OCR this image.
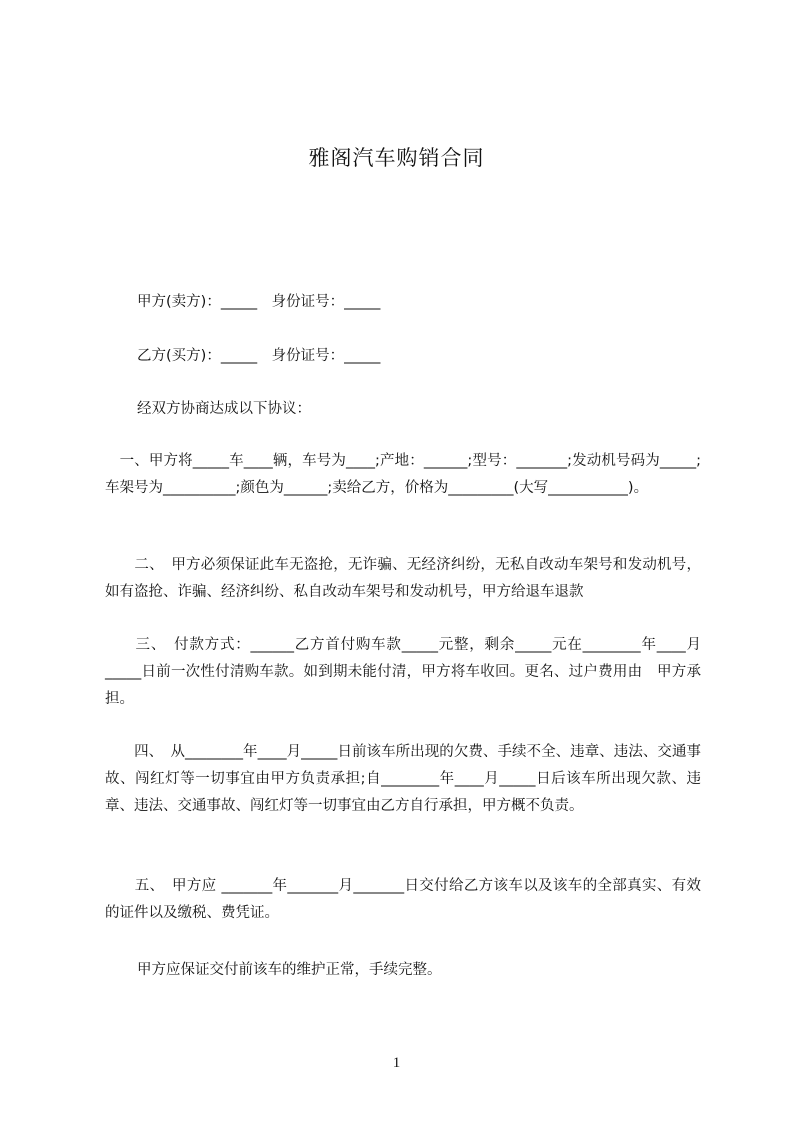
雅阁汽车购销合同
甲方(卖方)：_____　身份证号：_____
乙方(买方)：_____　身份证号：_____
经双方协商达成以下协议：
　一、甲方将_____车____辆，车号为____;产地：______;型号：_______;发动机号码为_____;车架号为__________;颜色为______;卖给乙方，价格为_________(大写___________)。
　　二、　甲方必须保证此车无盗抢，无诈骗、无经济纠纷，无私自改动车架号和发动机号，如有盗抢、诈骗、经济纠纷、私自改动车架号和发动机号，甲方给退车退款
　　三、　付款方式：______乙方首付购车款_____元整，剩余_____元在________年____月_____日前一次性付清购车款。如到期未能付清，甲方将车收回。更名、过户费用由　甲方承担。
　　四、　从________年____月_____日前该车所出现的欠费、手续不全、违章、违法、交通事故、闯红灯等一切事宜由甲方负责承担;自________年____月_____日后该车所出现欠款、违章、违法、交通事故、闯红灯等一切事宜由乙方自行承担，甲方概不负责。
　　五、　甲方应 _______年_______月_______日交付给乙方该车以及该车的全部真实、有效的证件以及缴税、费凭证。
甲方应保证交付前该车的维护正常，手续完整。
1
